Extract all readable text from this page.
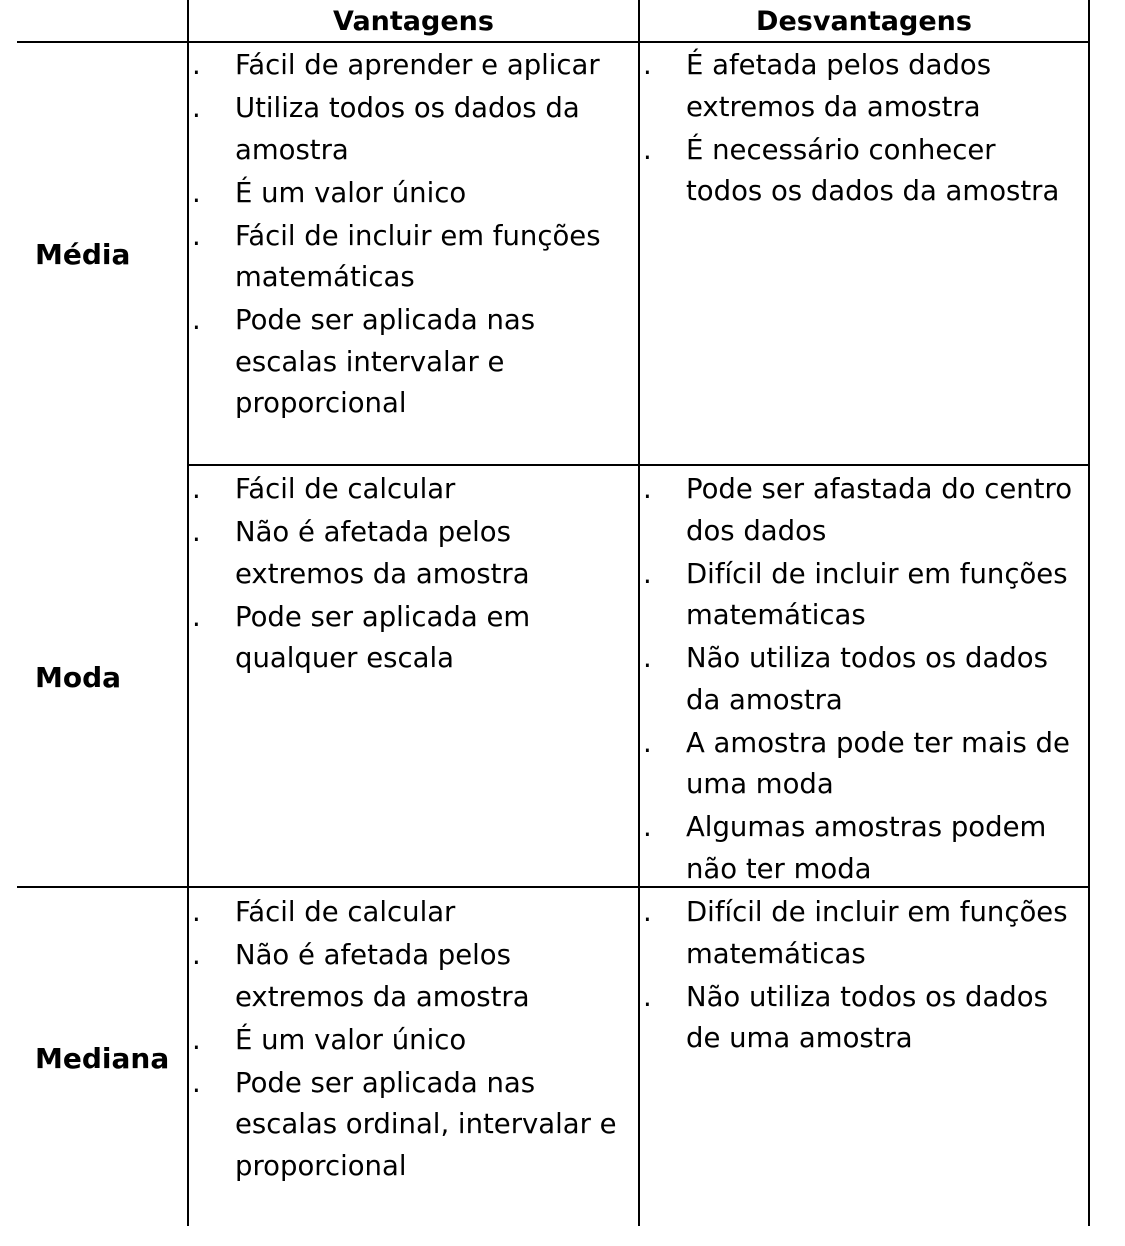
Vantagens	Desvantagens
Média
Moda
Mediana
. Fácil de aprender e aplicar
. Utiliza todos os dados da amostra
. É um valor único
. Fácil de incluir em funções matemáticas
. Pode ser aplicada nas escalas intervalar e proporcional
. É afetada pelos dados extremos da amostra
. É necessário conhecer todos os dados da amostra
. Fácil de calcular
. Não é afetada pelos extremos da amostra
. Pode ser aplicada em qualquer escala
. Pode ser afastada do centro dos dados
. Difícil de incluir em funções matemáticas
. Não utiliza todos os dados da amostra
. A amostra pode ter mais de uma moda
. Algumas amostras podem não ter moda
. Fácil de calcular
. Não é afetada pelos extremos da amostra
. É um valor único
. Pode ser aplicada nas escalas ordinal, intervalar e proporcional
. Difícil de incluir em funções matemáticas
. Não utiliza todos os dados de uma amostra
